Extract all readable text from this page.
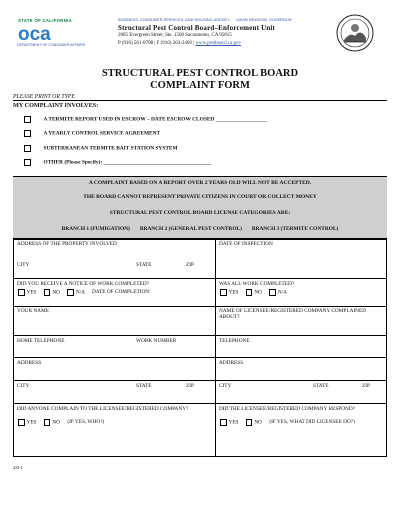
STATE OF CALIFORNIA
oca
DEPARTMENT OF CONSUMER AFFAIRS
BUSINESS, CONSUMER SERVICES, AND HOUSING AGENCY GAVIN NEWSOM, GOVERNOR
Structural Pest Control Board–Enforcement Unit
2005 Evergreen Street, Ste. 1500 Sacramento, CA 95815
P (916) 561-8708 | F (916) 263-2469 | www.pestboard.ca.gov
STRUCTURAL PEST CONTROL BOARD
COMPLAINT FORM
PLEASE PRINT OR TYPE
MY COMPLAINT INVOLVES:
A TERMITE REPORT USED IN ESCROW – DATE ESCROW CLOSED ___________________
A YEARLY CONTROL SERVICE AGREEMENT
SUBTERRANEAN TERMITE BAIT STATION SYSTEM
OTHER (Please Specify): ________________________________________
A COMPLAINT BASED ON A REPORT OVER 2 YEARS OLD WILL NOT BE ACCEPTED.
THE BOARD CANNOT REPRESENT PRIVATE CITIZENS IN COURT OR COLLECT MONEY
STRUCTURAL PEST CONTROL BOARD LICENSE CATEGORIES ARE:
BRANCH 1 (FUMIGATION) BRANCH 2 (GENERAL PEST CONTROL) BRANCH 3 (TERMITE CONTROL)
ADDRESS OF THE PROPERTY INVOLVED	DATE OF INSPECTION
CITY	STATE	ZIP
DID YOU RECEIVE A NOTICE OF WORK COMPLETED?
YES	NO	N/A DATE OF COMPLETION:
WAS ALL WORK COMPLETED?
YES	NO	N/A
YOUR NAME	NAME OF LICENSEE/REGISTERED COMPANY COMPLAINED ABOUT?
HOME TELEPHONE	WORK NUMBER	TELEPHONE
ADDRESS	ADDRESS
CITY	STATE	ZIP	CITY	STATE	ZIP
DID ANYONE COMPLAIN TO THE LICENSEE/REGISTERED COMPANY?
YES	NO (IF YES, WHO?)
DID THE LICENSEE/REGISTERED COMPANY RESPOND?
YES	NO (IF YES, WHAT DID LICENSEE DO?)
43I-1
